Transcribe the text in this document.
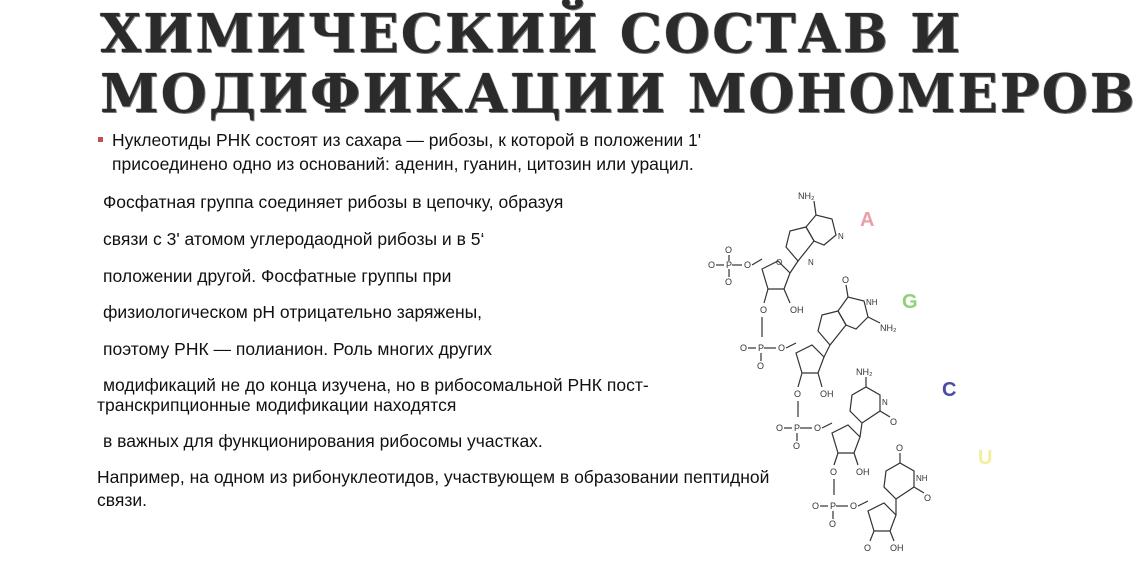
ХИМИЧЕСКИЙ СОСТАВ И
МОДИФИКАЦИИ МОНОМЕРОВ
Нуклеотиды РНК состоят из сахара — рибозы, к которой в положении 1'
присоединено одно из оснований: аденин, гуанин, цитозин или урацил.
Фосфатная группа соединяет рибозы в цепочку, образуя
связи с 3' атомом углеродаодной рибозы и в 5‘
положении другой. Фосфатные группы при
физиологическом рН отрицательно заряжены,
поэтому РНК — полианион. Роль многих других
модификаций не до конца изучена, но в рибосомальной РНК пост-
транскрипционные модификации находятся
в важных для функционирования рибосомы участках.
Например, на одном из рибонуклеотидов, участвующем в образовании пептидной
связи.
O P
O
O
O	O
OH
O
NH₂
N
N
O P
O
O
OH
O
O
NH₂
NH
O P
O
O
OH
O
NH₂
O
N
O P
O
O
OH
O
O
O
NH
A
G
C
U
